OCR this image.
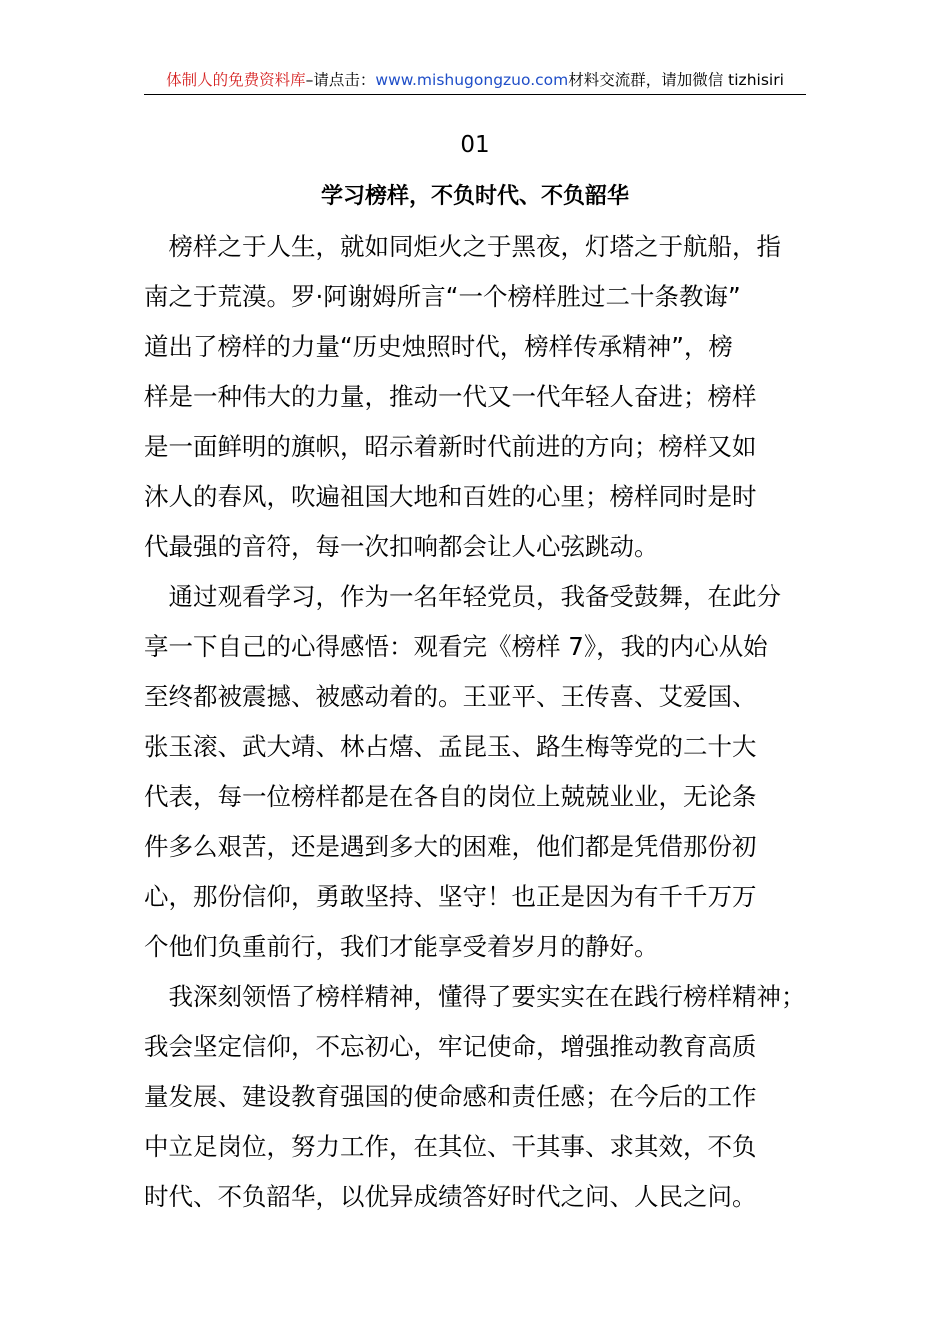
体制人的免费资料库–请点击：www.mishugongzuo.com材料交流群，请加微信 tizhisiri
01
学习榜样，不负时代、不负韶华
　榜样之于人生，就如同炬火之于黑夜，灯塔之于航船，指
南之于荒漠。罗·阿谢姆所言“一个榜样胜过二十条教诲”
道出了榜样的力量“历史烛照时代，榜样传承精神”，榜
样是一种伟大的力量，推动一代又一代年轻人奋进；榜样
是一面鲜明的旗帜，昭示着新时代前进的方向；榜样又如
沐人的春风，吹遍祖国大地和百姓的心里；榜样同时是时
代最强的音符，每一次扣响都会让人心弦跳动。
　通过观看学习，作为一名年轻党员，我备受鼓舞，在此分
享一下自己的心得感悟：观看完《榜样 7》，我的内心从始
至终都被震撼、被感动着的。王亚平、王传喜、艾爱国、
张玉滚、武大靖、林占熺、孟昆玉、路生梅等党的二十大
代表，每一位榜样都是在各自的岗位上兢兢业业，无论条
件多么艰苦，还是遇到多大的困难，他们都是凭借那份初
心，那份信仰，勇敢坚持、坚守！也正是因为有千千万万
个他们负重前行，我们才能享受着岁月的静好。
　我深刻领悟了榜样精神，懂得了要实实在在践行榜样精神；
我会坚定信仰，不忘初心，牢记使命，增强推动教育高质
量发展、建设教育强国的使命感和责任感；在今后的工作
中立足岗位，努力工作，在其位、干其事、求其效，不负
时代、不负韶华，以优异成绩答好时代之问、人民之问。
